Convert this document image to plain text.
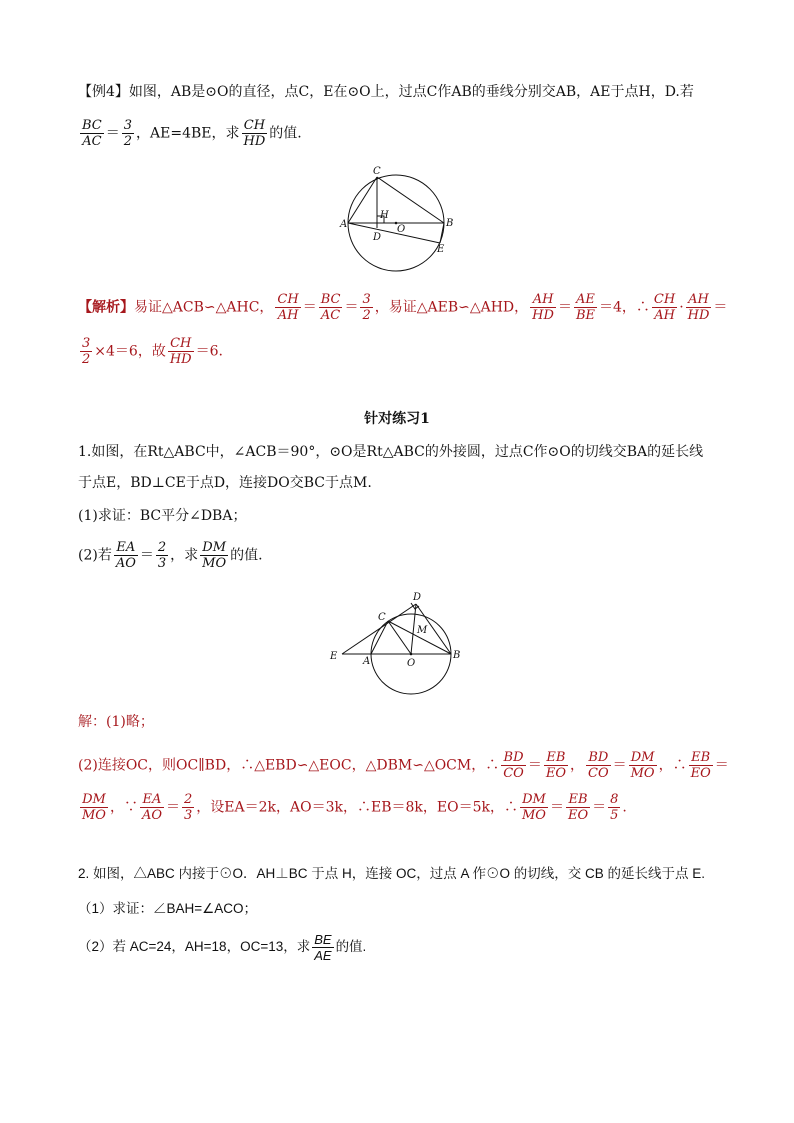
【例4】如图，AB是⊙O的直径，点C，E在⊙O上，过点C作AB的垂线分别交AB，AE于点H，D.若
$\frac{BC}{AC} = \frac{3}{2}$ ，AE=4BE，求 $\frac{CH}{HD}$ 的值.
C
H
A	O
B
D
E
【解析】易证△ACB∽△AHC， $\frac{CH}{AH} = \frac{BC}{AC} = \frac{3}{2}$ ，易证△AEB∽△AHD， $\frac{AH}{HD} = \frac{AE}{BE} =4$，∴ $\frac{CH}{AH} \cdot \frac{AH}{HD}$ ＝
$\frac{3}{2} \times 4=6$，故 $\frac{CH}{HD} =6$.
针对练习1
1.如图，在Rt△ABC中，∠ACB＝90°，⊙O是Rt△ABC的外接圆，过点C作⊙O的切线交BA的延长线
于点E，BD⊥CE于点D，连接DO交BC于点M.
(1)求证：BC平分∠DBA；
(2)若 $\frac{EA}{AO} = \frac{2}{3}$ ，求 $\frac{DM}{MO}$ 的值.
D
C
M
E	A	O
B
解：(1)略；
(2)连接OC，则OC∥BD，∴△EBD∽△EOC，△DBM∽△OCM，∴ $\frac{BD}{CO} = \frac{EB}{EO}$ ， $\frac{BD}{CO} = \frac{DM}{MO}$ ，∴ $\frac{EB}{EO}$ ＝
$\frac{DM}{MO}$ ，∵ $\frac{EA}{AO} = \frac{2}{3}$ ，设EA＝2k，AO＝3k，∴EB＝8k，EO＝5k，∴ $\frac{DM}{MO} = \frac{EB}{EO} = \frac{8}{5}$ .
2. 如图，△ABC 内接于⊙O．AH⊥BC 于点 H，连接 OC，过点 A 作⊙O 的切线，交 CB 的延长线于点 E.
（1）求证：∠BAH=∠ACO；
（2）若 AC=24，AH=18，OC=13，求 $\frac{BE}{AE}$ 的值.
